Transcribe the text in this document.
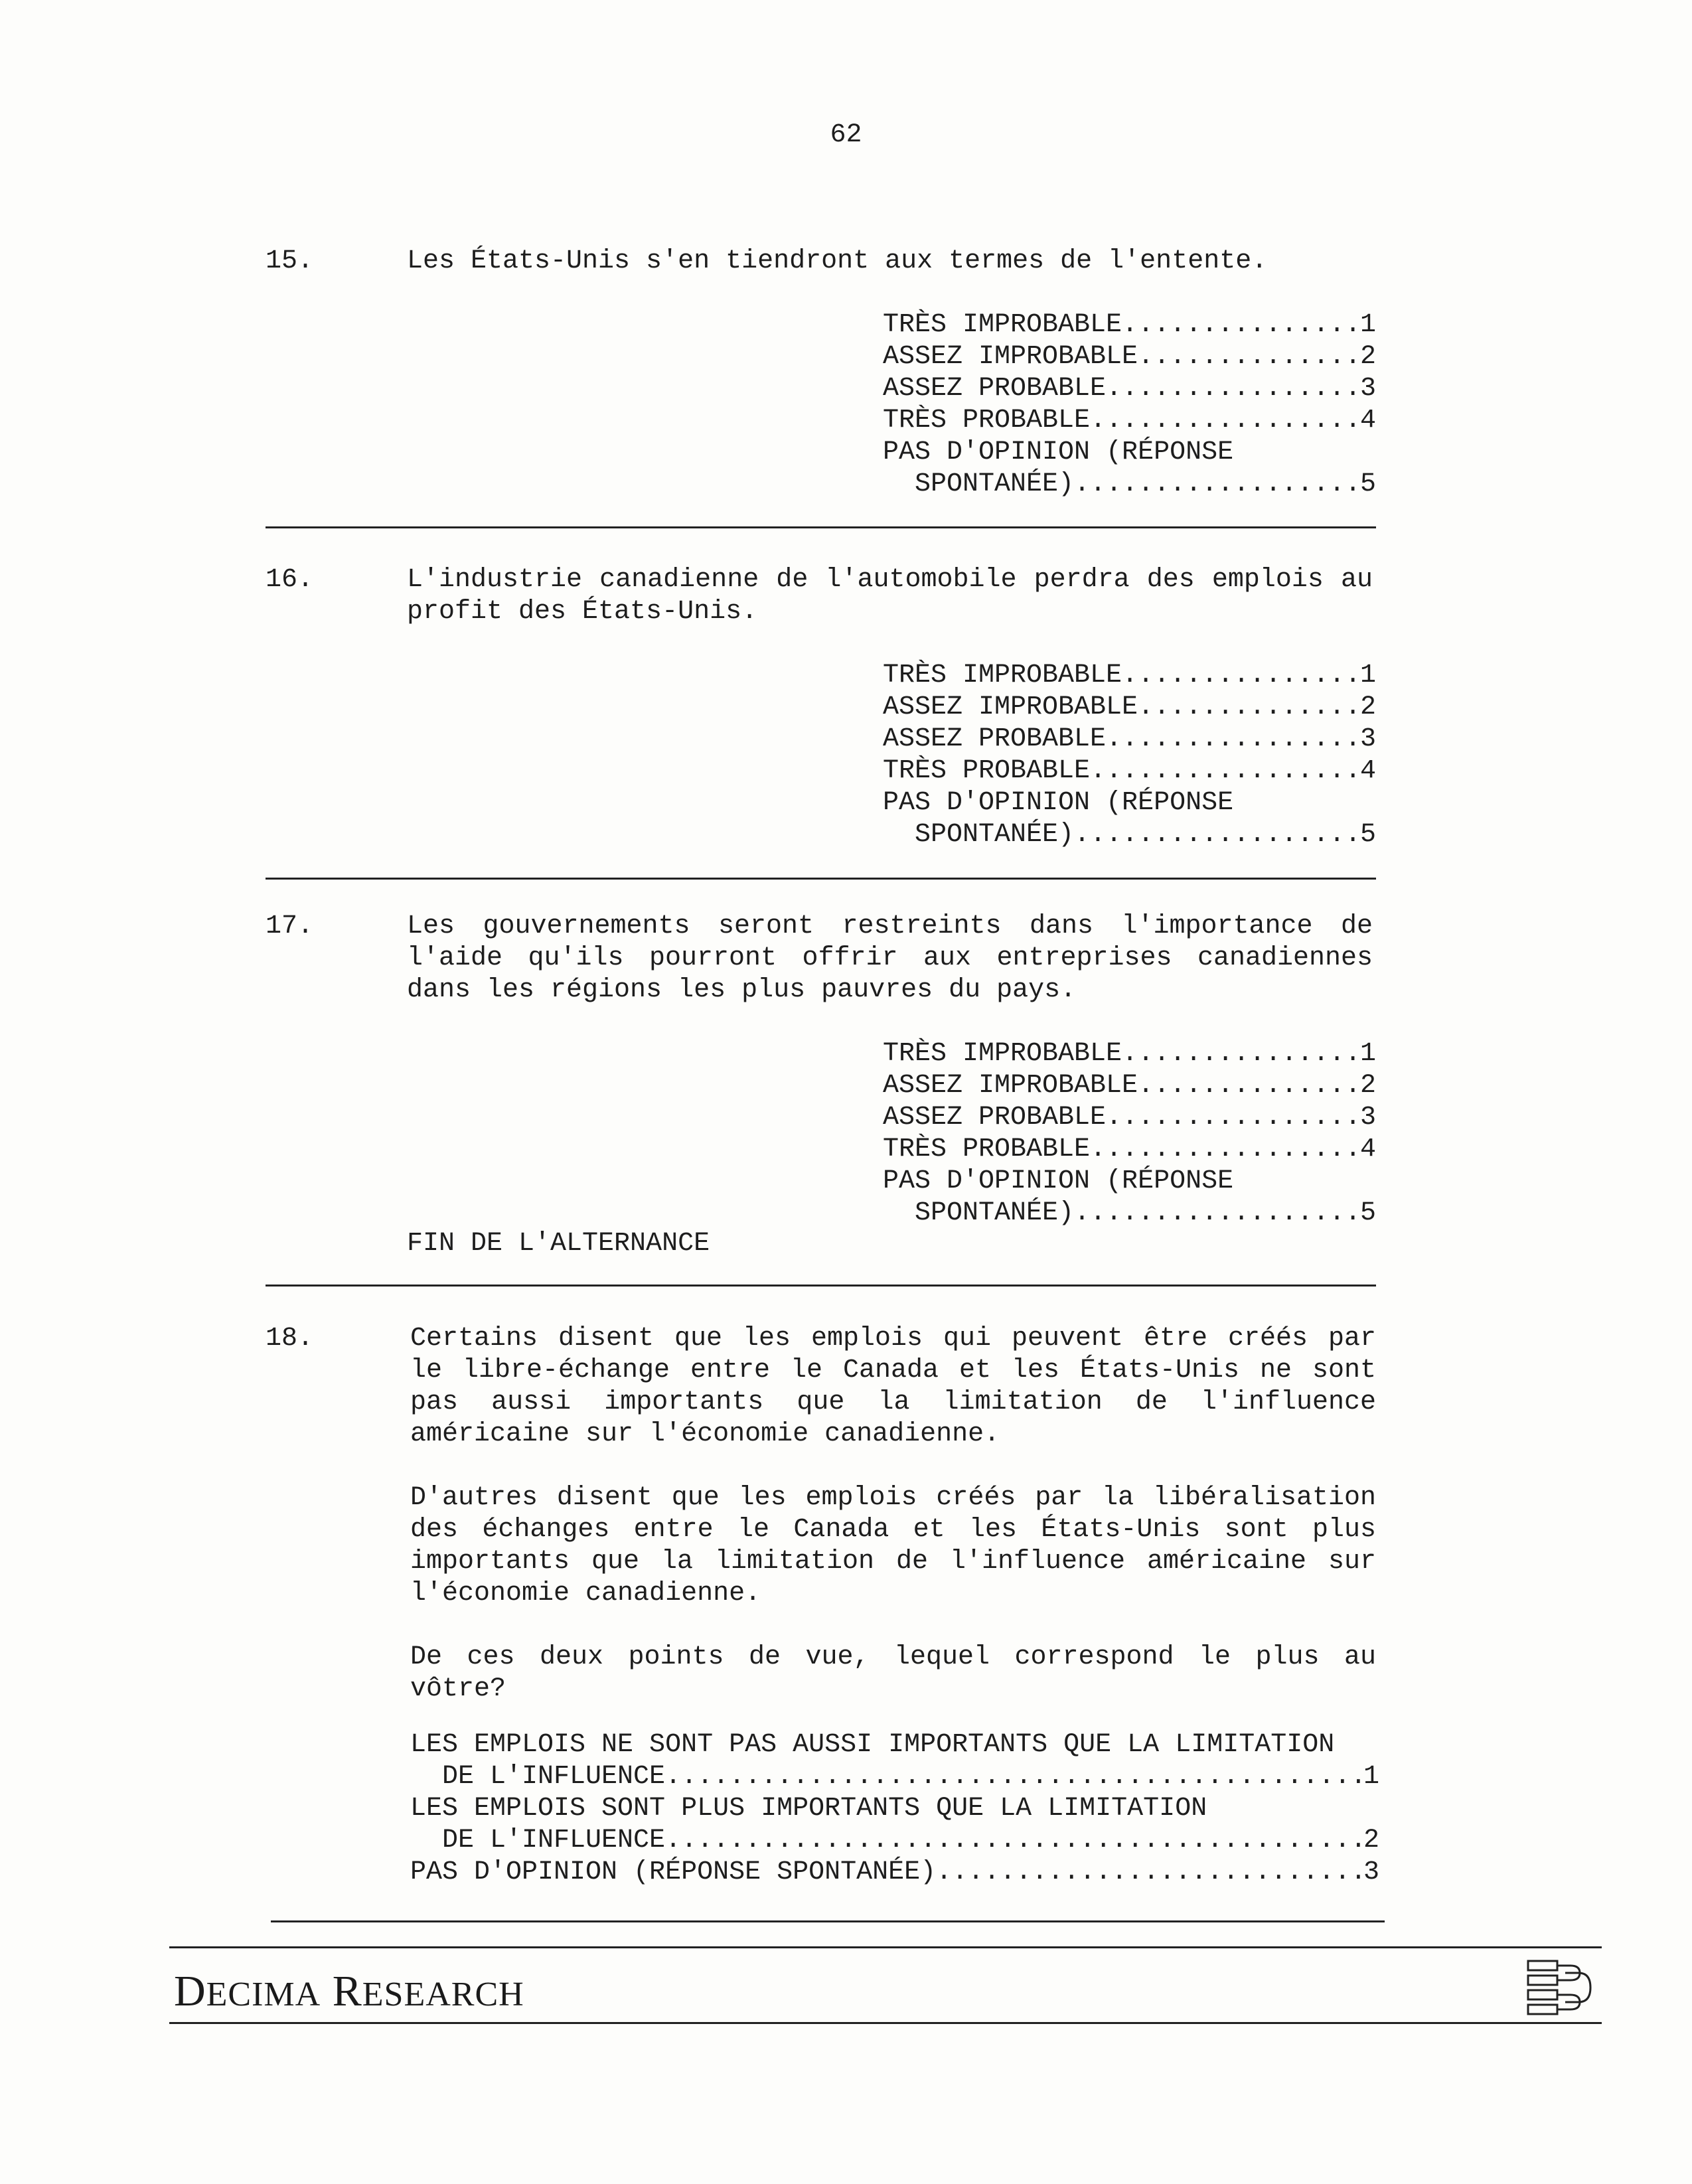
62
15.	Les États-Unis s'en tiendront aux termes de l'entente.

TRÈS IMPROBABLE . . .	1
ASSEZ IMPROBABLE . . .	2
ASSEZ PROBABLE . . .	3
TRÈS PROBABLE . . .	4
PAS D'OPINION (RÉPONSE
SPONTANÉE) . . .	5
16.	L'industrie canadienne de l'automobile perdra des emplois au profit des États-Unis.

TRÈS IMPROBABLE . . .	1
ASSEZ IMPROBABLE . . .	2
ASSEZ PROBABLE . . .	3
TRÈS PROBABLE . . .	4
PAS D'OPINION (RÉPONSE
SPONTANÉE) . . .	5
17.	Les gouvernements seront restreints dans l'importance de l'aide qu'ils pourront offrir aux entreprises canadiennes dans les régions les plus pauvres du pays.

TRÈS IMPROBABLE . . .	1
ASSEZ IMPROBABLE . . .	2
ASSEZ PROBABLE . . .	3
TRÈS PROBABLE . . .	4
PAS D'OPINION (RÉPONSE
SPONTANÉE) . . .	5
FIN DE L'ALTERNANCE
18.	Certains disent que les emplois qui peuvent être créés par le libre-échange entre le Canada et les États-Unis ne sont pas aussi importants que la limitation de l'influence américaine sur l'économie canadienne.

D'autres disent que les emplois créés par la libéralisation des échanges entre le Canada et les États-Unis sont plus importants que la limitation de l'influence américaine sur l'économie canadienne.

De ces deux points de vue, lequel correspond le plus au vôtre?

LES EMPLOIS NE SONT PAS AUSSI IMPORTANTS QUE LA LIMITATION
DE L'INFLUENCE . . .	1
LES EMPLOIS SONT PLUS IMPORTANTS QUE LA LIMITATION
DE L'INFLUENCE . . .	2
PAS D'OPINION (RÉPONSE SPONTANÉE) . . .	3
DECIMA RESEARCH
